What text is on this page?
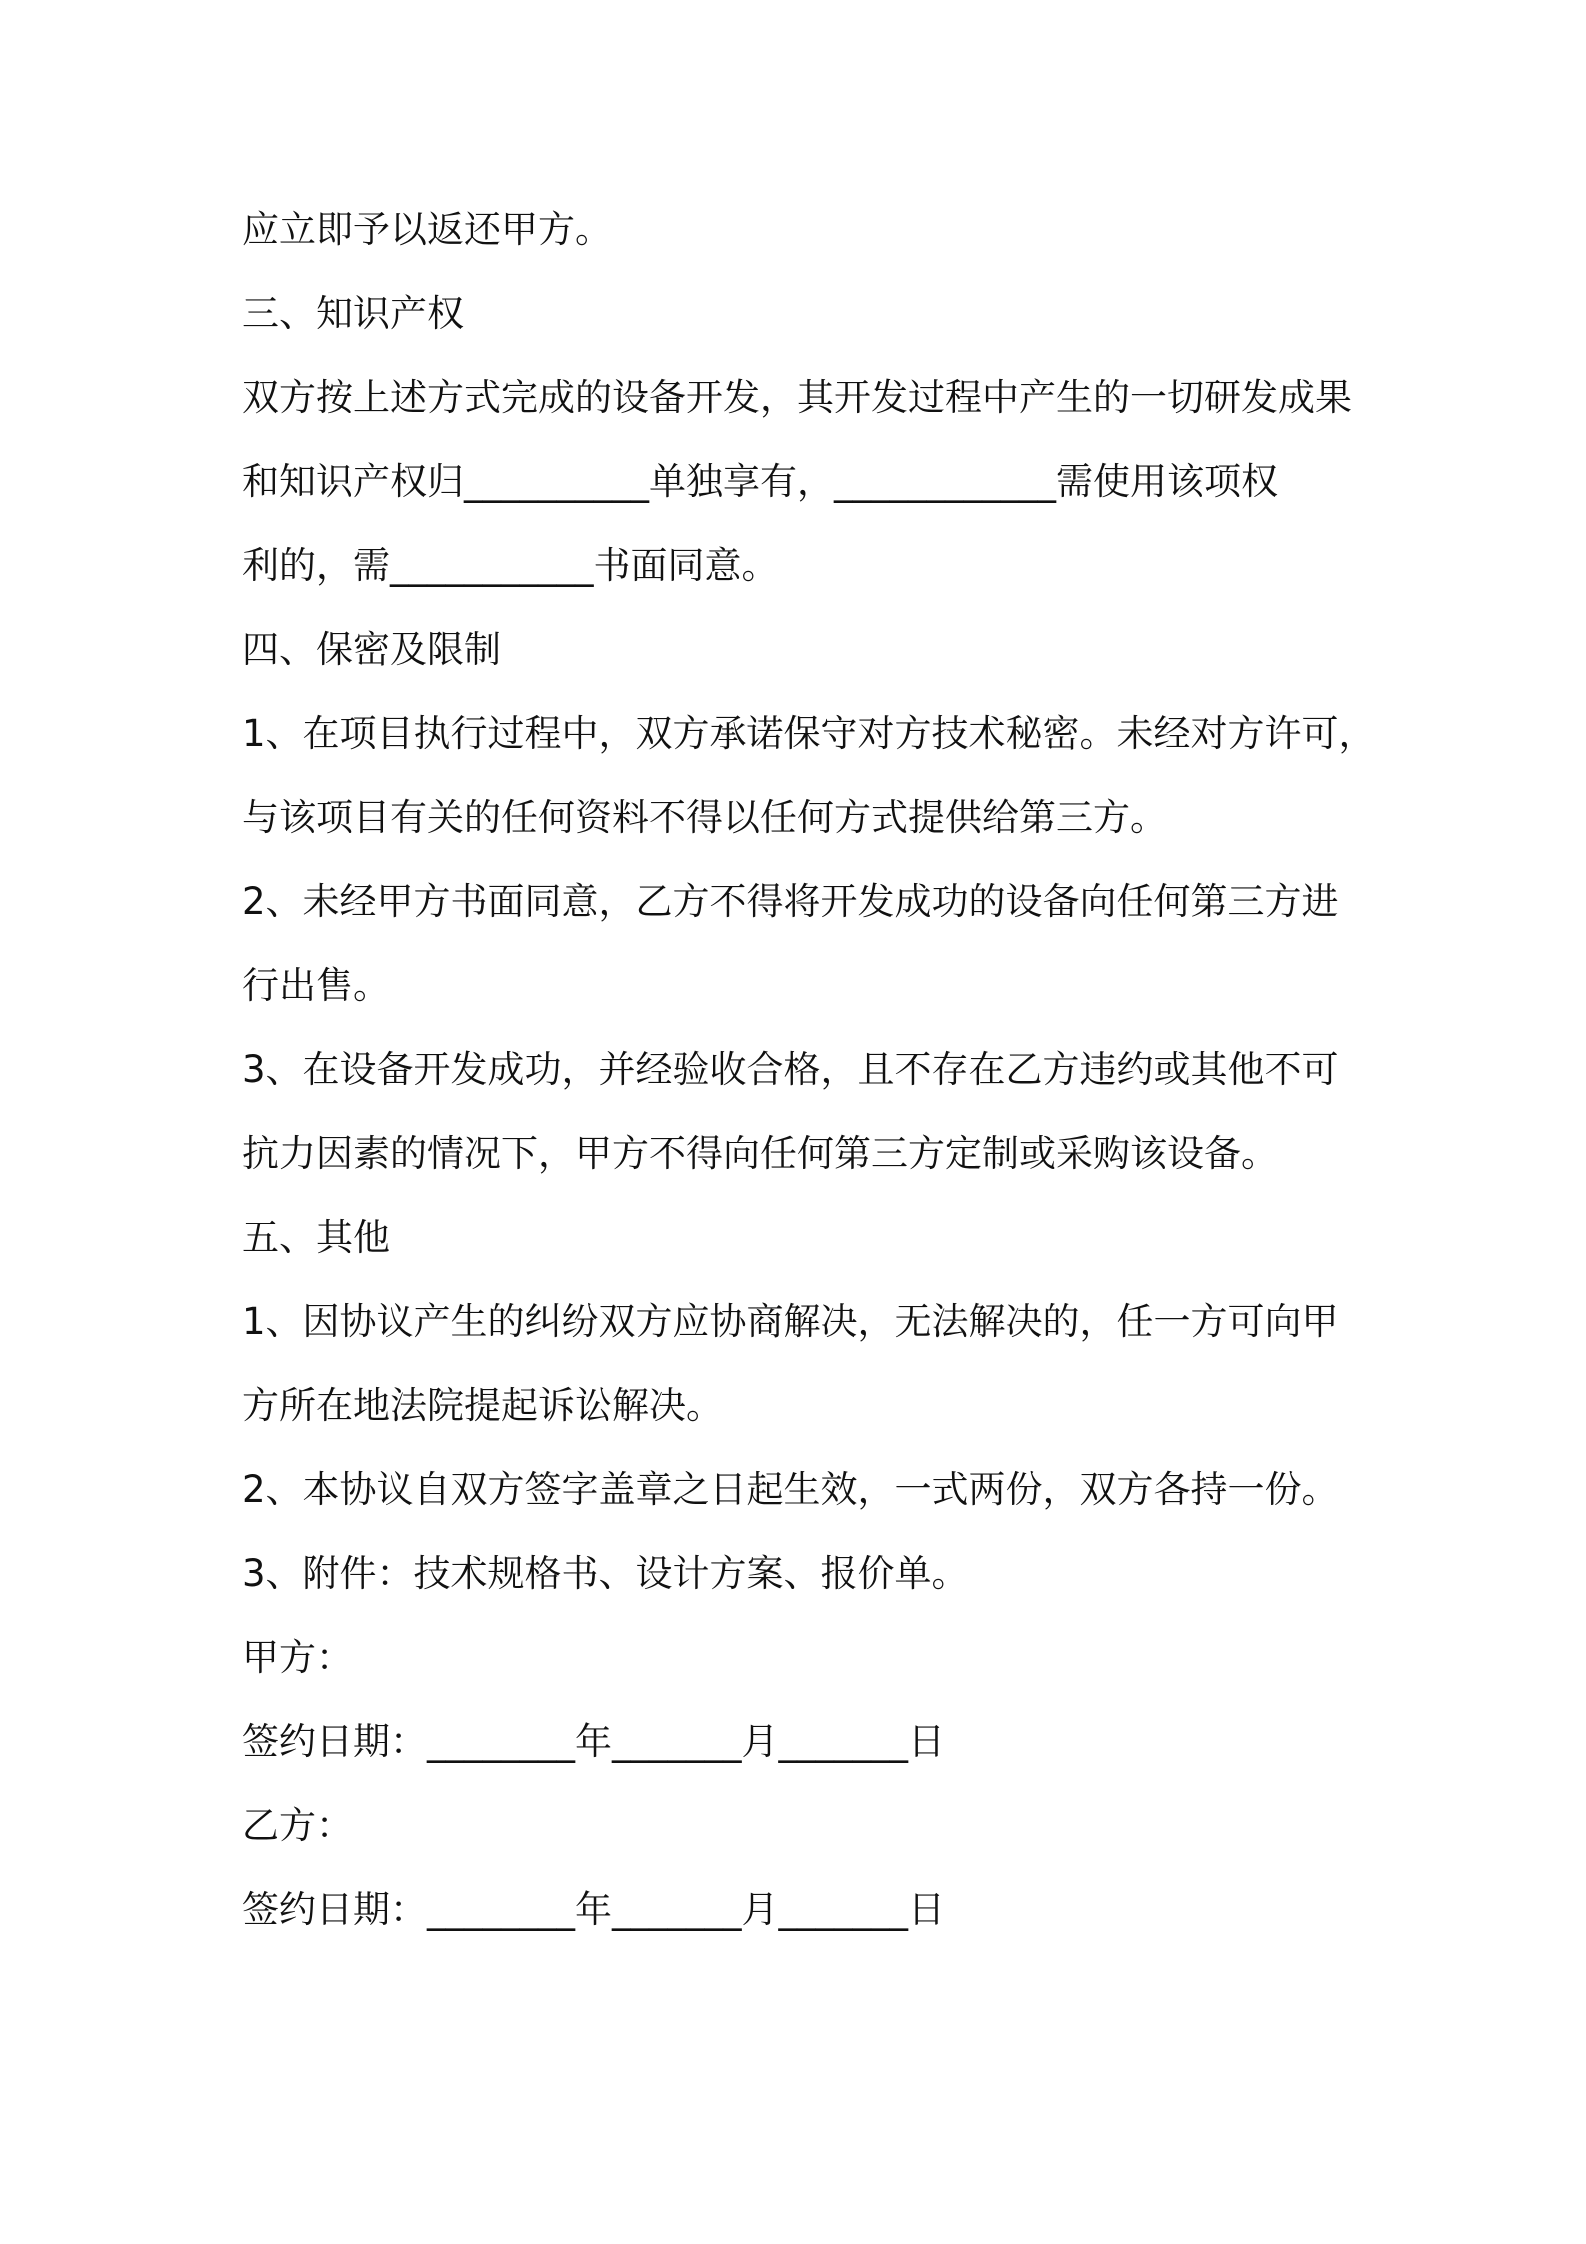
应立即予以返还甲方。
三、知识产权
双方按上述方式完成的设备开发，其开发过程中产生的一切研发成果
和知识产权归__________单独享有，____________需使用该项权
利的，需___________书面同意。
四、保密及限制
1、在项目执行过程中，双方承诺保守对方技术秘密。未经对方许可，
与该项目有关的任何资料不得以任何方式提供给第三方。
2、未经甲方书面同意，乙方不得将开发成功的设备向任何第三方进
行出售。
3、在设备开发成功，并经验收合格，且不存在乙方违约或其他不可
抗力因素的情况下，甲方不得向任何第三方定制或采购该设备。
五、其他
1、因协议产生的纠纷双方应协商解决，无法解决的，任一方可向甲
方所在地法院提起诉讼解决。
2、本协议自双方签字盖章之日起生效，一式两份，双方各持一份。
3、附件：技术规格书、设计方案、报价单。
甲方：
签约日期：________年_______月_______日
乙方：
签约日期：________年_______月_______日
